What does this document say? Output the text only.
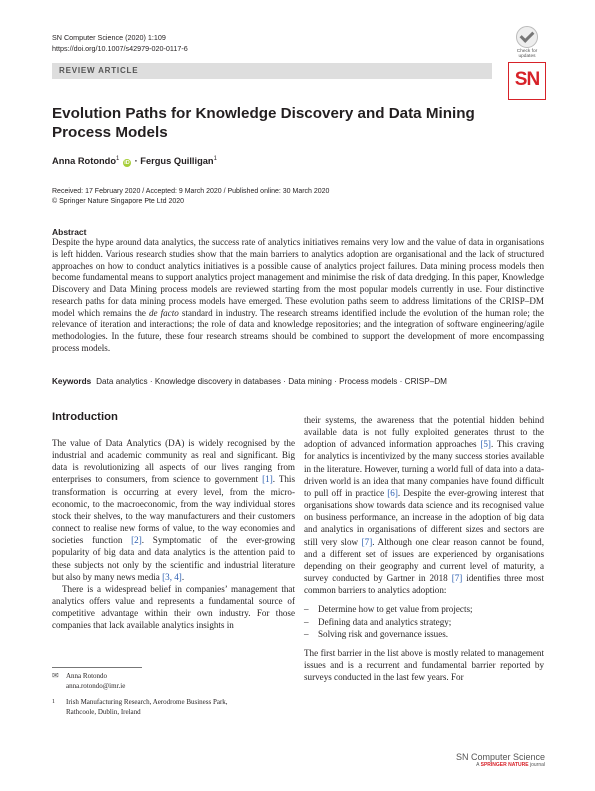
SN Computer Science (2020) 1:109
https://doi.org/10.1007/s42979-020-0117-6	Check for updates
REVIEW ARTICLE	SN
Evolution Paths for Knowledge Discovery and Data Mining Process Models
Anna Rotondo$^1$ iD · Fergus Quilligan$^1$
Received: 17 February 2020 / Accepted: 9 March 2020 / Published online: 30 March 2020
© Springer Nature Singapore Pte Ltd 2020
Abstract
Despite the hype around data analytics, the success rate of analytics initiatives remains very low and the value of data in organisations is left hidden. Various research studies show that the main barriers to analytics adoption are organisational and the lack of structured approaches on how to conduct analytics initiatives is a possible cause of analytics project failures. Data mining process models then become fundamental means to support analytics project management and minimise the risk of data dredging. In this paper, Knowledge Discovery and Data Mining process models are reviewed starting from the most popular models currently in use. Four distinctive research paths for data mining process models have emerged. These evolution paths seem to address limitations of the CRISP–DM model which remains the de facto standard in industry. The research streams identified include the evolution of the human role; the relevance of iteration and interactions; the role of data and knowledge repositories; and the integration of software engineering/agile methodologies. In the future, these four research streams should be combined to support the development of more encompassing process models.
Keywords Data analytics · Knowledge discovery in databases · Data mining · Process models · CRISP–DM
Introduction

The value of Data Analytics (DA) is widely recognised by the industrial and academic community as real and significant. Big data is revolutionizing all aspects of our lives ranging from enterprises to consumers, from science to government [1]. This transformation is occurring at every level, from the micro-economic, to the macroeconomic, from the way individual stores stock their shelves, to the way manufacturers and their customers connect to realise new forms of value, to the way economies and societies function [2]. Symptomatic of the ever-growing popularity of big data and data analytics is the attention paid to these subjects not only by the scientific and industrial literature but also by many news media [3, 4].

There is a widespread belief in companies’ management that analytics offers value and represents a fundamental source of competitive advantage within their own industry. For those companies that lack available analytics insights in

their systems, the awareness that the potential hidden behind available data is not fully exploited generates thrust to the adoption of advanced information approaches [5]. This craving for analytics is incentivized by the many success stories available in the literature. However, turning a world full of data into a data-driven world is an idea that many companies have found difficult to pull off in practice [6]. Despite the ever-growing interest that organisations show towards data science and its recognised value on business performance, an increase in the adoption of big data and analytics in organisations of different sizes and sectors are still very slow [7]. Although one clear reason cannot be found, and a different set of issues are experienced by organisations depending on their geography and current level of maturity, a survey conducted by Gartner in 2018 [7] identifies three most common barriers to analytics adoption:

– Determine how to get value from projects;
– Defining data and analytics strategy;
– Solving risk and governance issues.

The first barrier in the list above is mostly related to management issues and is a recurrent and fundamental barrier reported by surveys conducted in the last few years. For

✉	Anna Rotondo
anna.rotondo@imr.ie
1	Irish Manufacturing Research, Aerodrome Business Park,
Rathcoole, Dublin, Ireland
SN Computer Science
A SPRINGER NATURE journal
